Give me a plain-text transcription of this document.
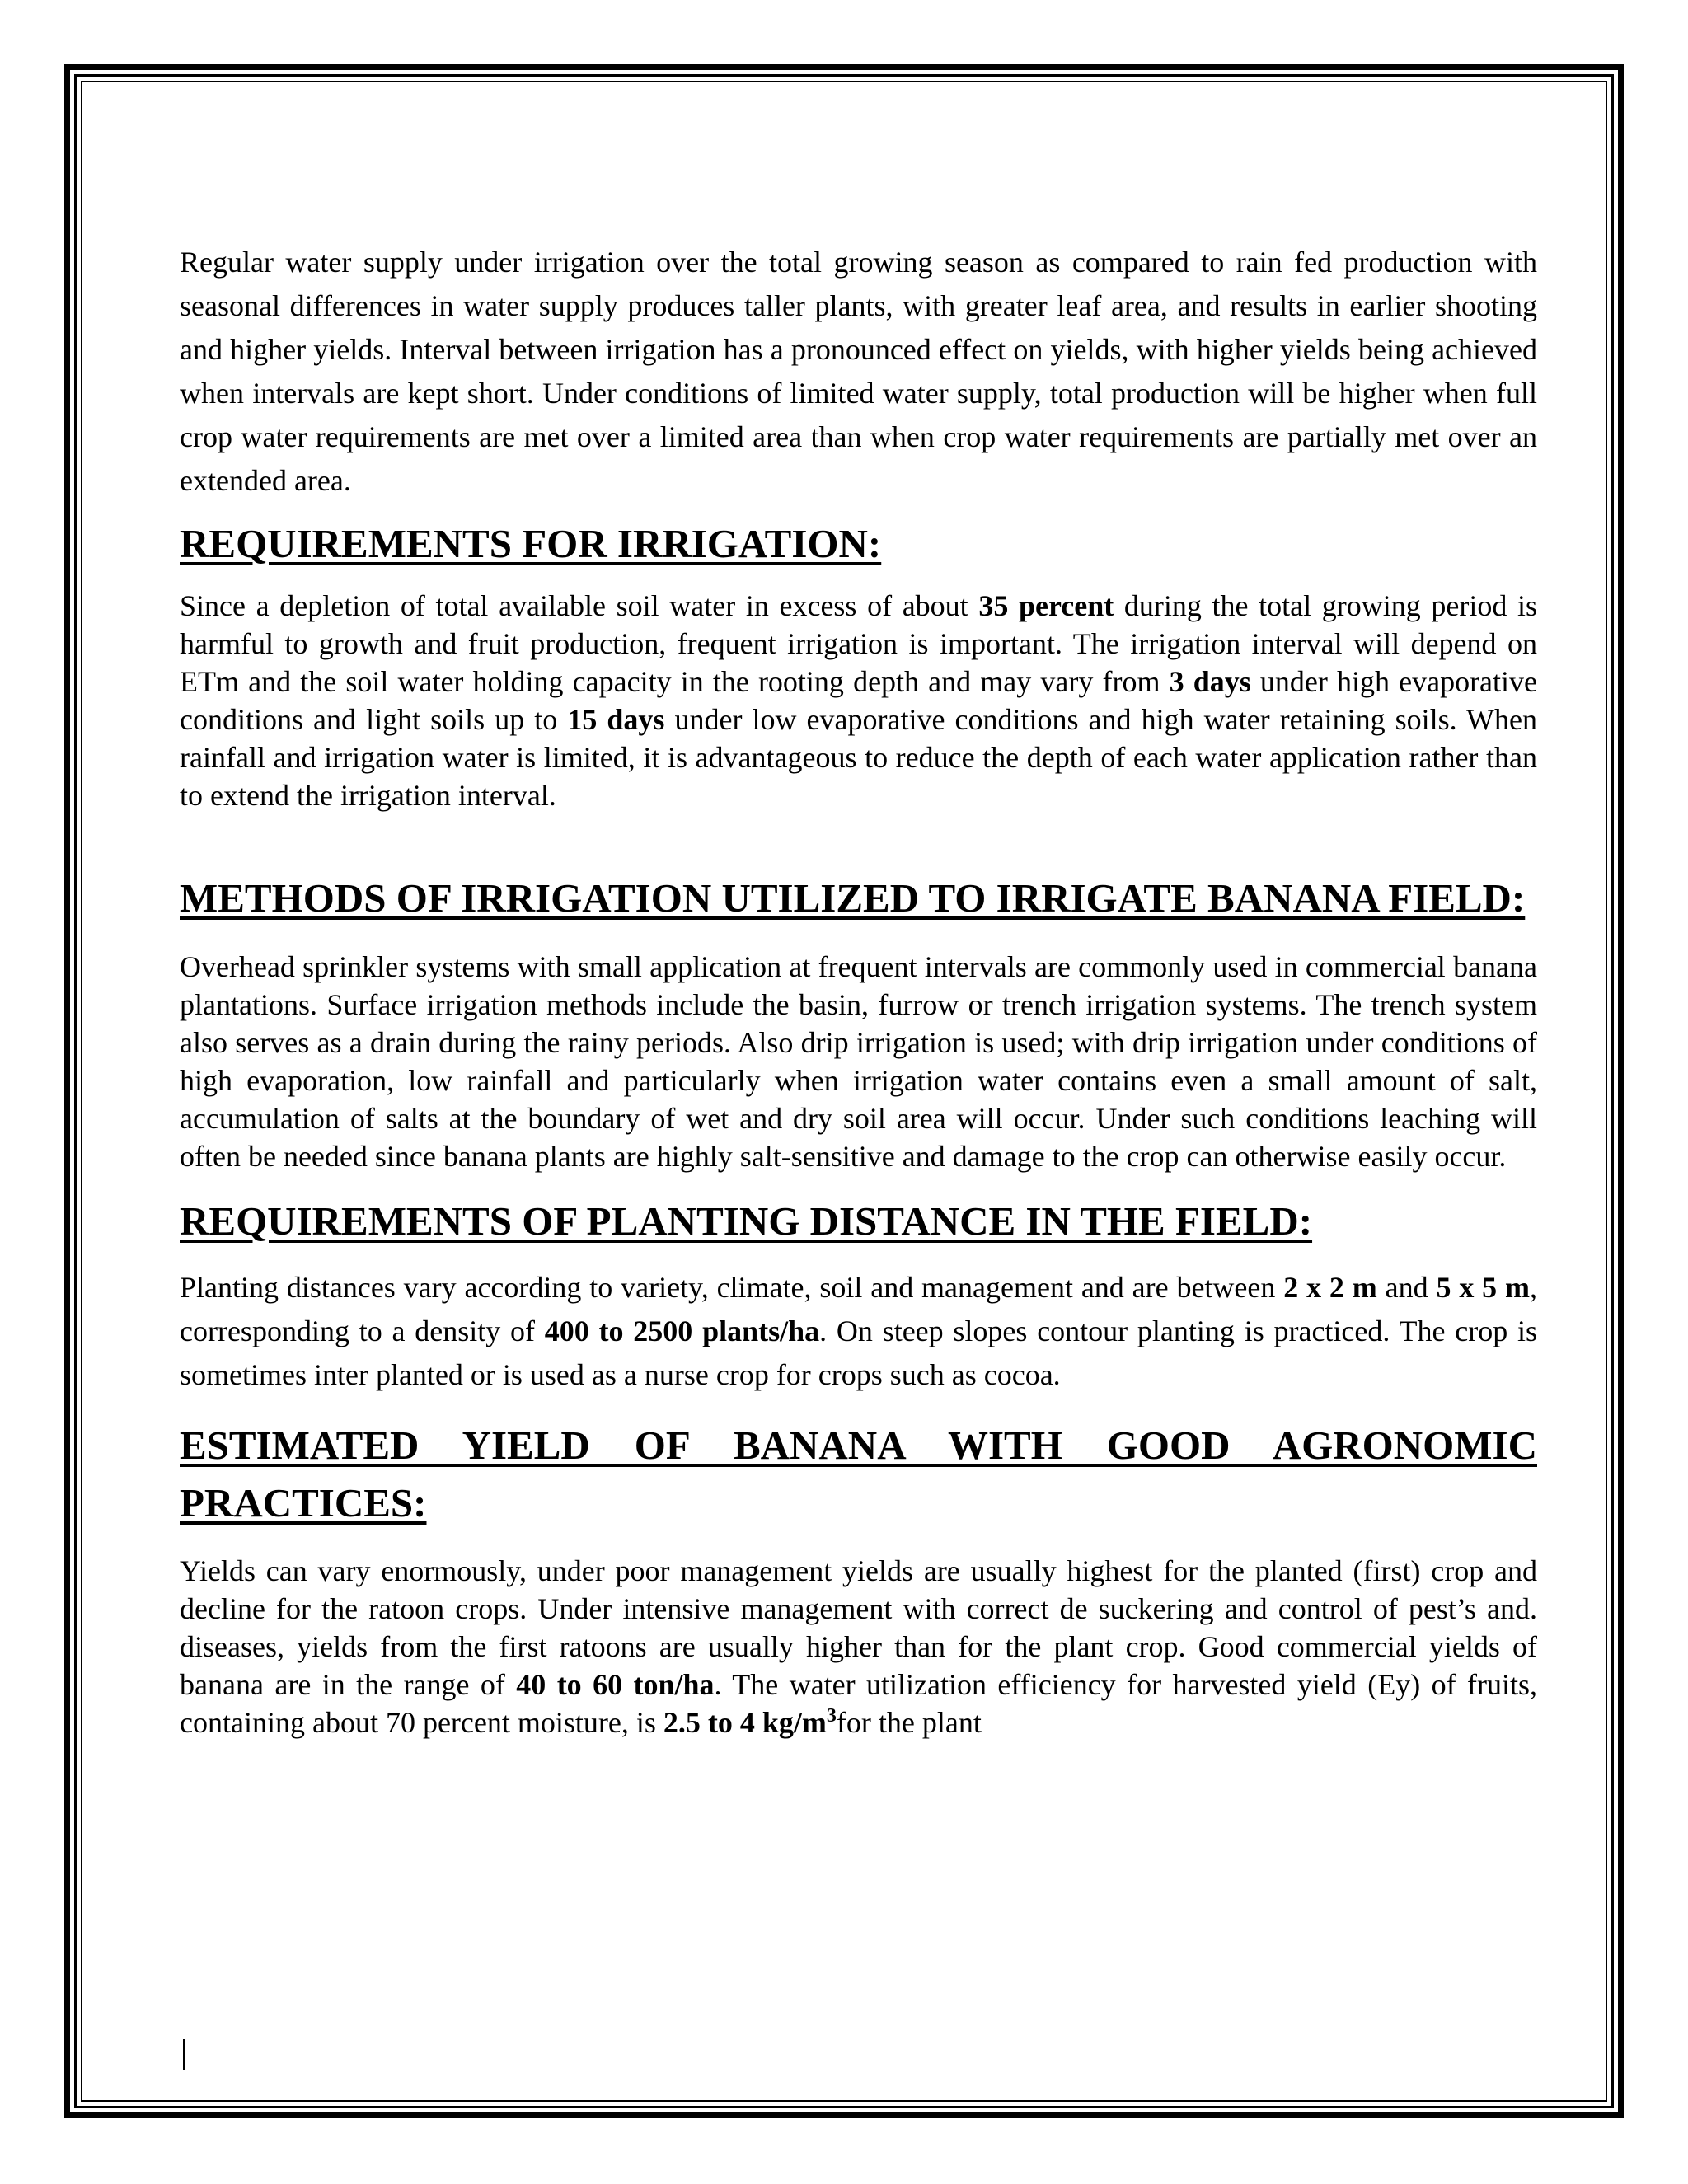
Regular water supply under irrigation over the total growing season as compared to rain fed production with seasonal differences in water supply produces taller plants, with greater leaf area, and results in earlier shooting and higher yields. Interval between irrigation has a pronounced effect on yields, with higher yields being achieved when intervals are kept short. Under conditions of limited water supply, total production will be higher when full crop water requirements are met over a limited area than when crop water requirements are partially met over an extended area.

REQUIREMENTS FOR IRRIGATION:

Since a depletion of total available soil water in excess of about 35 percent during the total growing period is harmful to growth and fruit production, frequent irrigation is important. The irrigation interval will depend on ETm and the soil water holding capacity in the rooting depth and may vary from 3 days under high evaporative conditions and light soils up to 15 days under low evaporative conditions and high water retaining soils. When rainfall and irrigation water is limited, it is advantageous to reduce the depth of each water application rather than to extend the irrigation interval.

METHODS OF IRRIGATION UTILIZED TO IRRIGATE BANANA FIELD:

Overhead sprinkler systems with small application at frequent intervals are commonly used in commercial banana plantations. Surface irrigation methods include the basin, furrow or trench irrigation systems. The trench system also serves as a drain during the rainy periods. Also drip irrigation is used; with drip irrigation under conditions of high evaporation, low rainfall and particularly when irrigation water contains even a small amount of salt, accumulation of salts at the boundary of wet and dry soil area will occur. Under such conditions leaching will often be needed since banana plants are highly salt-sensitive and damage to the crop can otherwise easily occur.

REQUIREMENTS OF PLANTING DISTANCE IN THE FIELD:

Planting distances vary according to variety, climate, soil and management and are between 2 x 2 m and 5 x 5 m, corresponding to a density of 400 to 2500 plants/ha. On steep slopes contour planting is practiced. The crop is sometimes inter planted or is used as a nurse crop for crops such as cocoa.

ESTIMATED YIELD OF BANANA WITH GOOD AGRONOMIC PRACTICES:

Yields can vary enormously, under poor management yields are usually highest for the planted (first) crop and decline for the ratoon crops. Under intensive management with correct de suckering and control of pest’s and. diseases, yields from the first ratoons are usually higher than for the plant crop. Good commercial yields of banana are in the range of 40 to 60 ton/ha. The water utilization efficiency for harvested yield (Ey) of fruits, containing about 70 percent moisture, is 2.5 to 4 $kg/m^3for$ the plant
